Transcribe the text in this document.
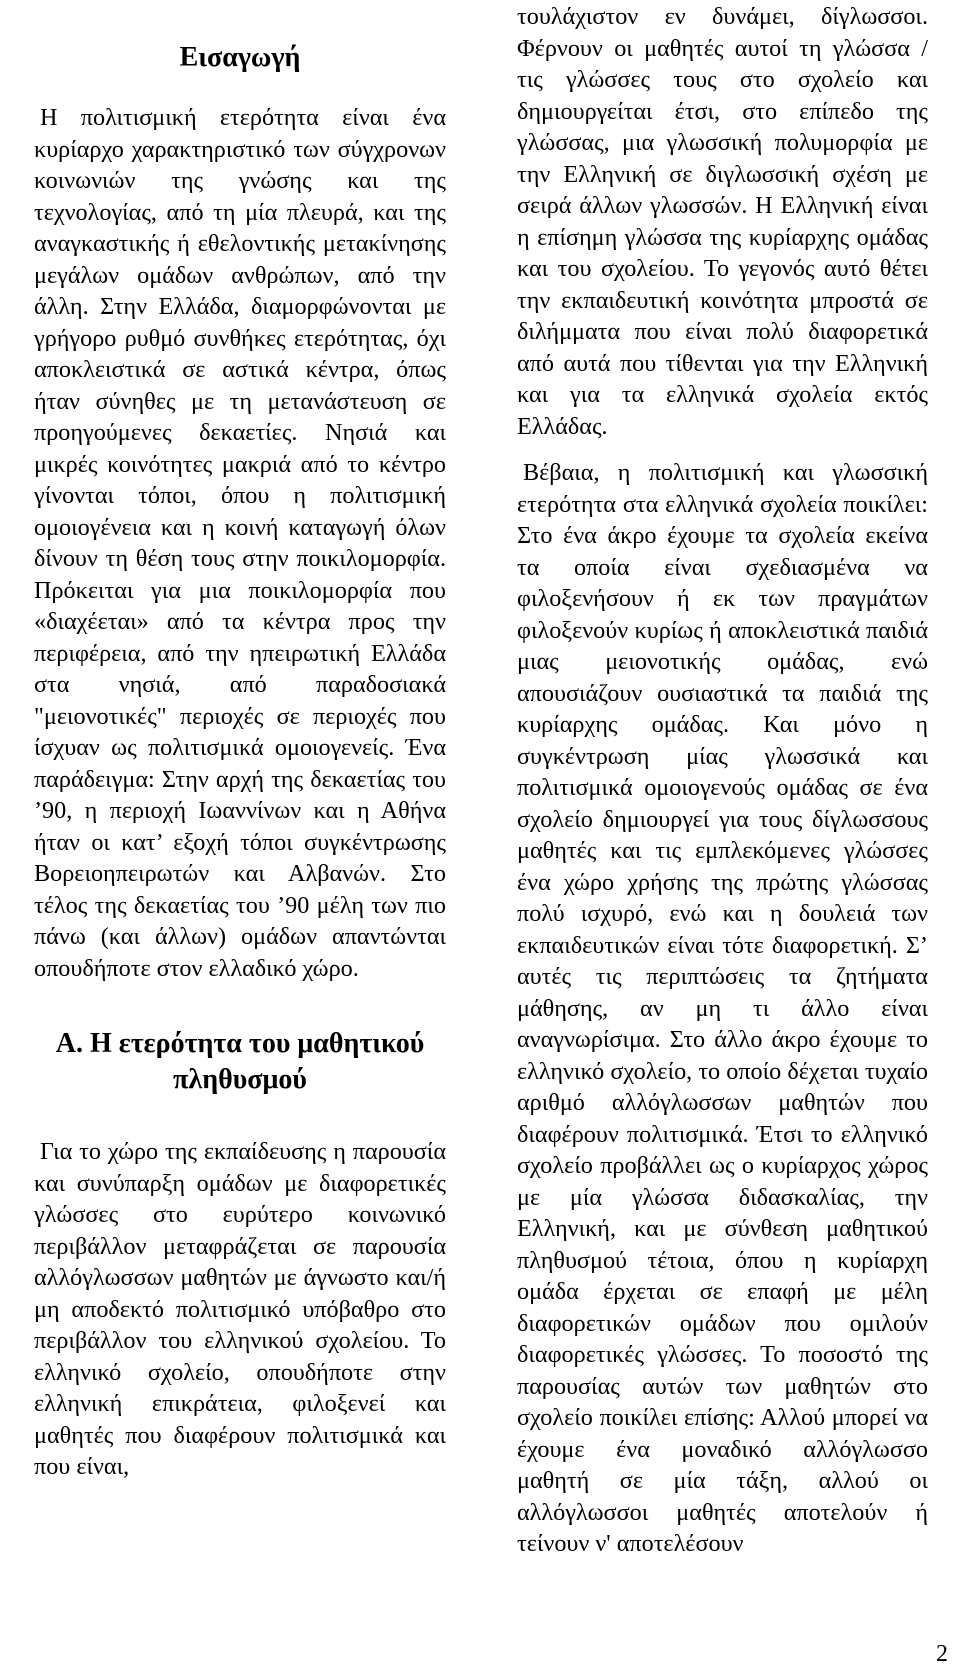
Εισαγωγή

Η πολιτισμική ετερότητα είναι ένα κυρίαρχο χαρακτηριστικό των σύγχρονων κοινωνιών της γνώσης και της τεχνολογίας, από τη μία πλευρά, και της αναγκαστικής ή εθελοντικής μετακίνησης μεγάλων ομάδων ανθρώπων, από την άλλη. Στην Ελλάδα, διαμορφώνονται με γρήγορο ρυθμό συνθήκες ετερότητας, όχι αποκλειστικά σε αστικά κέντρα, όπως ήταν σύνηθες με τη μετανάστευση σε προηγούμενες δεκαετίες. Νησιά και μικρές κοινότητες μακριά από το κέντρο γίνονται τόποι, όπου η πολιτισμική ομοιογένεια και η κοινή καταγωγή όλων δίνουν τη θέση τους στην ποικιλομορφία. Πρόκειται για μια ποικιλομορφία που «διαχέεται» από τα κέντρα προς την περιφέρεια, από την ηπειρωτική Ελλάδα στα νησιά, από παραδοσιακά "μειονοτικές" περιοχές σε περιοχές που ίσχυαν ως πολιτισμικά ομοιογενείς. Ένα παράδειγμα: Στην αρχή της δεκαετίας του ’90, η περιοχή Ιωαννίνων και η Αθήνα ήταν οι κατ’ εξοχή τόποι συγκέντρωσης Βορειοηπειρωτών και Αλβανών. Στο τέλος της δεκαετίας του ’90 μέλη των πιο πάνω (και άλλων) ομάδων απαντώνται οπουδήποτε στον ελλαδικό χώρο.

Α. Η ετερότητα του μαθητικού πληθυσμού

Για το χώρο της εκπαίδευσης η παρουσία και συνύπαρξη ομάδων με διαφορετικές γλώσσες στο ευρύτερο κοινωνικό περιβάλλον μεταφράζεται σε παρουσία αλλόγλωσσων μαθητών με άγνωστο και/ή μη αποδεκτό πολιτισμικό υπόβαθρο στο περιβάλλον του ελληνικού σχολείου. Το ελληνικό σχολείο, οπουδήποτε στην ελληνική επικράτεια, φιλοξενεί και μαθητές που διαφέρουν πολιτισμικά και που είναι,

τουλάχιστον εν δυνάμει, δίγλωσσοι. Φέρνουν οι μαθητές αυτοί τη γλώσσα / τις γλώσσες τους στο σχολείο και δημιουργείται έτσι, στο επίπεδο της γλώσσας, μια γλωσσική πολυμορφία με την Ελληνική σε διγλωσσική σχέση με σειρά άλλων γλωσσών. Η Ελληνική είναι η επίσημη γλώσσα της κυρίαρχης ομάδας και του σχολείου. Το γεγονός αυτό θέτει την εκπαιδευτική κοινότητα μπροστά σε διλήμματα που είναι πολύ διαφορετικά από αυτά που τίθενται για την Ελληνική και για τα ελληνικά σχολεία εκτός Ελλάδας.

Βέβαια, η πολιτισμική και γλωσσική ετερότητα στα ελληνικά σχολεία ποικίλει: Στο ένα άκρο έχουμε τα σχολεία εκείνα τα οποία είναι σχεδιασμένα να φιλοξενήσουν ή εκ των πραγμάτων φιλοξενούν κυρίως ή αποκλειστικά παιδιά μιας μειονοτικής ομάδας, ενώ απουσιάζουν ουσιαστικά τα παιδιά της κυρίαρχης ομάδας. Και μόνο η συγκέντρωση μίας γλωσσικά και πολιτισμικά ομοιογενούς ομάδας σε ένα σχολείο δημιουργεί για τους δίγλωσσους μαθητές και τις εμπλεκόμενες γλώσσες ένα χώρο χρήσης της πρώτης γλώσσας πολύ ισχυρό, ενώ και η δουλειά των εκπαιδευτικών είναι τότε διαφορετική. Σ’ αυτές τις περιπτώσεις τα ζητήματα μάθησης, αν μη τι άλλο είναι αναγνωρίσιμα. Στο άλλο άκρο έχουμε το ελληνικό σχολείο, το οποίο δέχεται τυχαίο αριθμό αλλόγλωσσων μαθητών που διαφέρουν πολιτισμικά. Έτσι το ελληνικό σχολείο προβάλλει ως ο κυρίαρχος χώρος με μία γλώσσα διδασκαλίας, την Ελληνική, και με σύνθεση μαθητικού πληθυσμού τέτοια, όπου η κυρίαρχη ομάδα έρχεται σε επαφή με μέλη διαφορετικών ομάδων που ομιλούν διαφορετικές γλώσσες. Το ποσοστό της παρουσίας αυτών των μαθητών στο σχολείο ποικίλει επίσης: Αλλού μπορεί να έχουμε ένα μοναδικό αλλόγλωσσο μαθητή σε μία τάξη, αλλού οι αλλόγλωσσοι μαθητές αποτελούν ή τείνουν ν' αποτελέσουν

2
